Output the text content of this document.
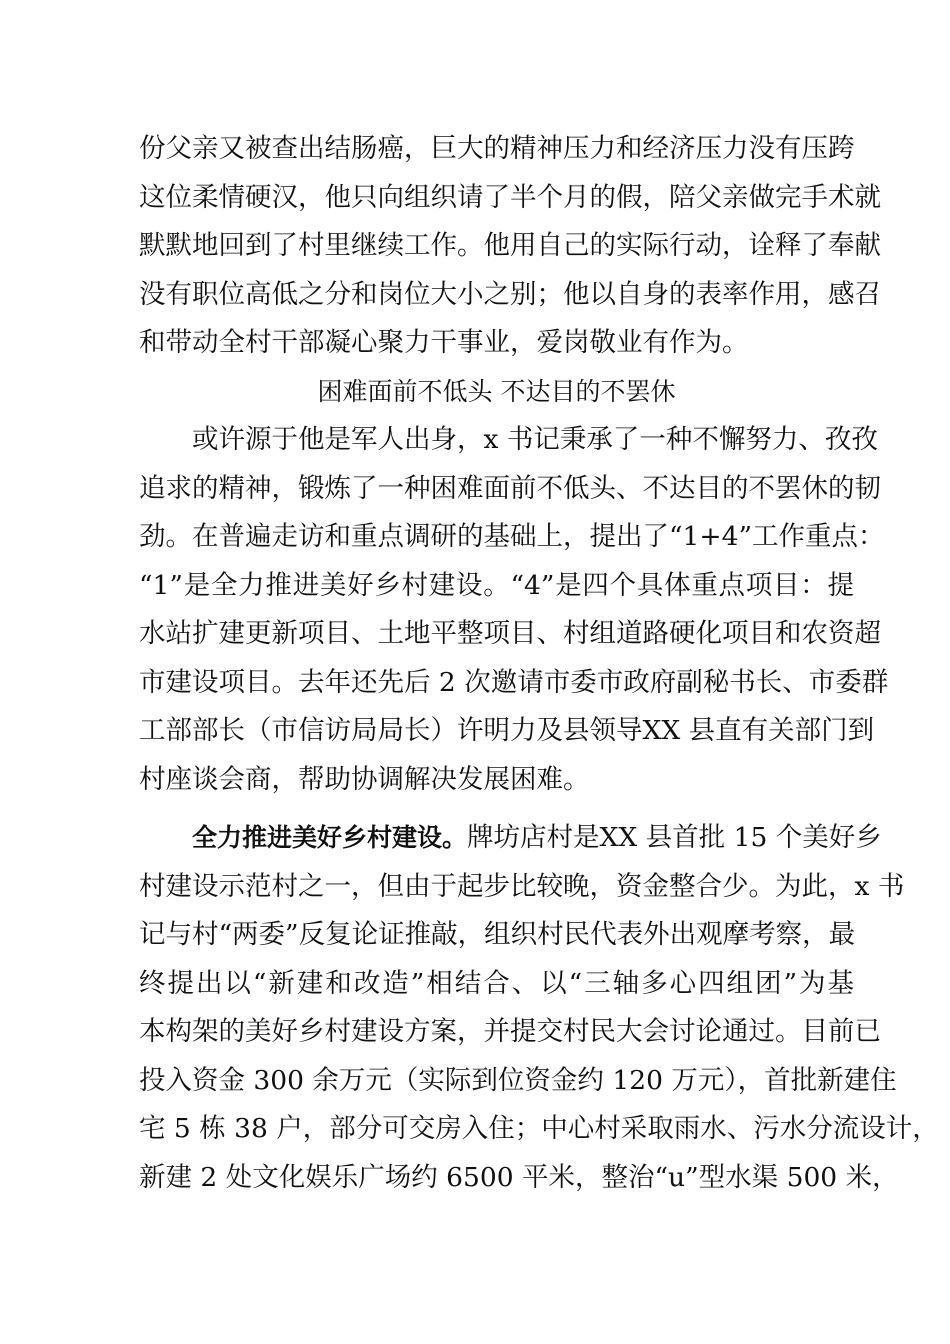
份父亲又被查出结肠癌，巨大的精神压力和经济压力没有压跨
这位柔情硬汉，他只向组织请了半个月的假，陪父亲做完手术就
默默地回到了村里继续工作。他用自己的实际行动，诠释了奉献
没有职位高低之分和岗位大小之别；他以自身的表率作用，感召
和带动全村干部凝心聚力干事业，爱岗敬业有作为。
困难面前不低头 不达目的不罢休
或许源于他是军人出身，x 书记秉承了一种不懈努力、孜孜
追求的精神，锻炼了一种困难面前不低头、不达目的不罢休的韧
劲。在普遍走访和重点调研的基础上，提出了“1+4”工作重点：
“1”是全力推进美好乡村建设。“4”是四个具体重点项目：提
水站扩建更新项目、土地平整项目、村组道路硬化项目和农资超
市建设项目。去年还先后 2 次邀请市委市政府副秘书长、市委群
工部部长（市信访局局长）许明力及县领导XX 县直有关部门到
村座谈会商，帮助协调解决发展困难。
全力推进美好乡村建设。牌坊店村是XX 县首批 15 个美好乡
村建设示范村之一，但由于起步比较晚，资金整合少。为此，x 书
记与村“两委”反复论证推敲，组织村民代表外出观摩考察，最
终提出以“新建和改造”相结合、以“三轴多心四组团”为基
本构架的美好乡村建设方案，并提交村民大会讨论通过。目前已
投入资金 300 余万元（实际到位资金约 120 万元），首批新建住
宅 5 栋 38 户，部分可交房入住；中心村采取雨水、污水分流设计，
新建 2 处文化娱乐广场约 6500 平米，整治“u”型水渠 500 米，
